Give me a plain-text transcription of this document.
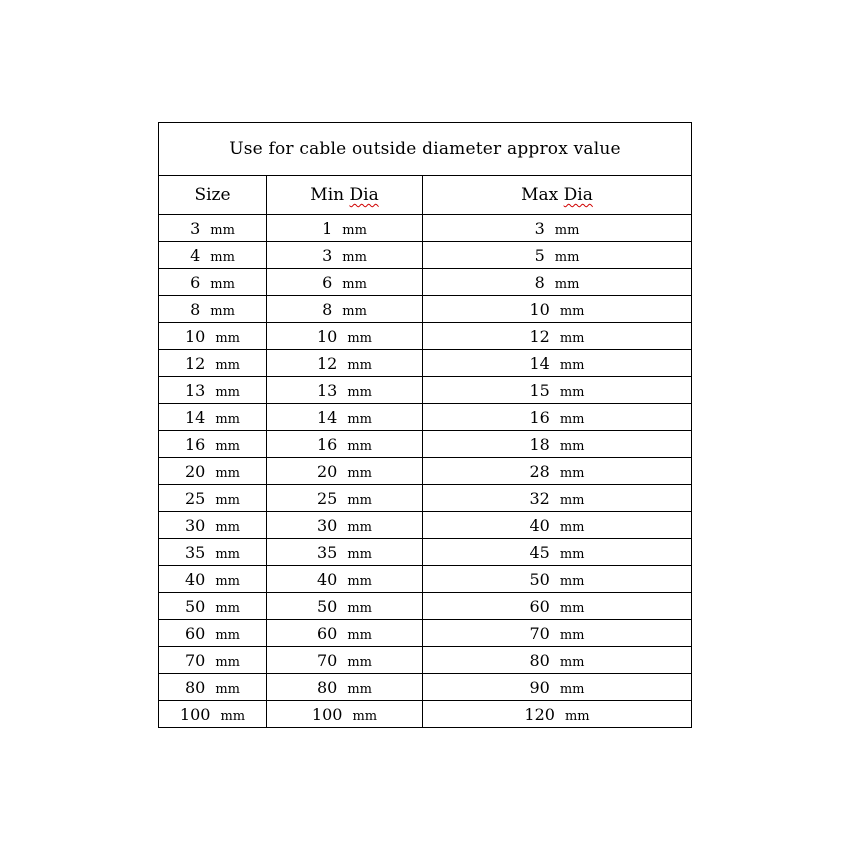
Use for cable outside diameter approx value		
Size	Min Dia	Max Dia
3 mm	1 mm	3 mm
4 mm	3 mm	5 mm
6 mm	6 mm	8 mm
8 mm	8 mm	10 mm
10 mm	10 mm	12 mm
12 mm	12 mm	14 mm
13 mm	13 mm	15 mm
14 mm	14 mm	16 mm
16 mm	16 mm	18 mm
20 mm	20 mm	28 mm
25 mm	25 mm	32 mm
30 mm	30 mm	40 mm
35 mm	35 mm	45 mm
40 mm	40 mm	50 mm
50 mm	50 mm	60 mm
60 mm	60 mm	70 mm
70 mm	70 mm	80 mm
80 mm	80 mm	90 mm
100 mm	100 mm	120 mm
